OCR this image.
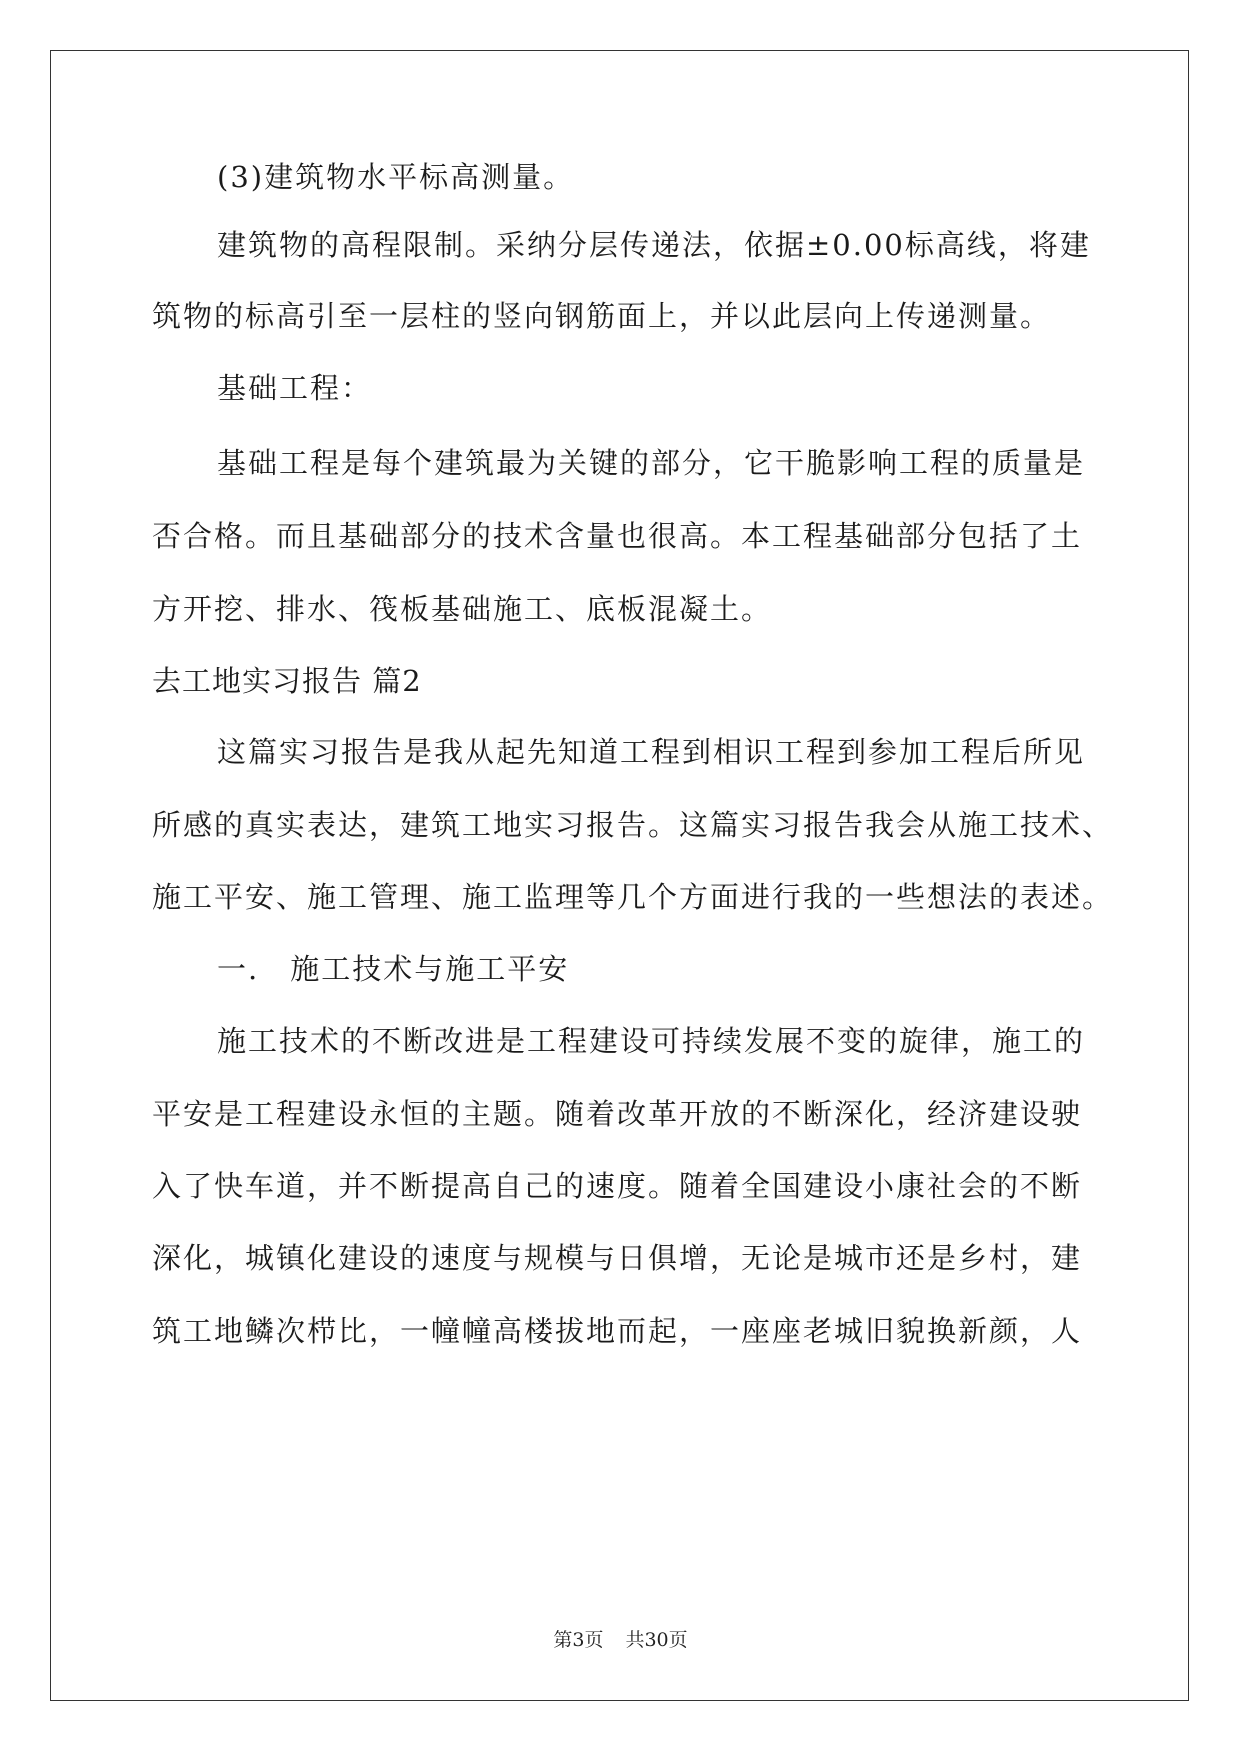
(3)建筑物水平标高测量。
建筑物的高程限制。采纳分层传递法，依据±0.00标高线，将建
筑物的标高引至一层柱的竖向钢筋面上，并以此层向上传递测量。
基础工程：
基础工程是每个建筑最为关键的部分，它干脆影响工程的质量是
否合格。而且基础部分的技术含量也很高。本工程基础部分包括了土
方开挖、排水、筏板基础施工、底板混凝土。
去工地实习报告 篇2
这篇实习报告是我从起先知道工程到相识工程到参加工程后所见
所感的真实表达，建筑工地实习报告。这篇实习报告我会从施工技术、
施工平安、施工管理、施工监理等几个方面进行我的一些想法的表述。
一.　施工技术与施工平安
施工技术的不断改进是工程建设可持续发展不变的旋律，施工的
平安是工程建设永恒的主题。随着改革开放的不断深化，经济建设驶
入了快车道，并不断提高自己的速度。随着全国建设小康社会的不断
深化，城镇化建设的速度与规模与日俱增，无论是城市还是乡村，建
筑工地鳞次栉比，一幢幢高楼拔地而起，一座座老城旧貌换新颜，人
第3页 共30页
